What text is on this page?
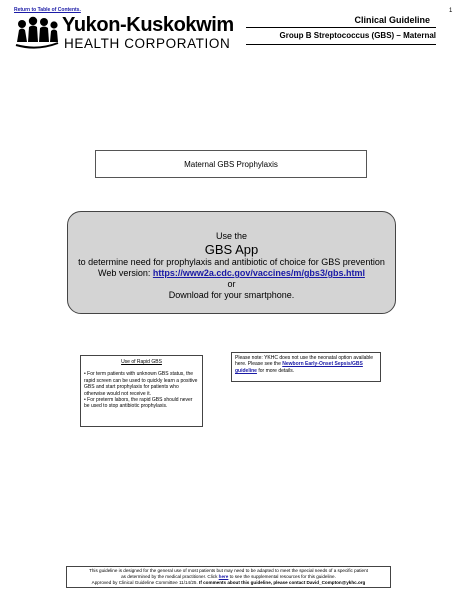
Return to Table of Contents.	1
Yukon-Kuskokwim
HEALTH CORPORATION
Clinical Guideline
Group B Streptococcus (GBS) – Maternal
Maternal GBS Prophylaxis
Use the
GBS App
to determine need for prophylaxis and antibiotic of choice for GBS prevention
Web version: https://www2a.cdc.gov/vaccines/m/gbs3/gbs.html
or
Download for your smartphone.
Use of Rapid GBS
• For term patients with unknown GBS status, the rapid screen can be used to quickly learn a positive GBS and start prophylaxis for patients who otherwise would not receive it.
• For preterm labors, the rapid GBS should never be used to stop antibiotic prophylaxis.
Please note: YKHC does not use the neonatal option available here. Please see the Newborn Early-Onset Sepsis/GBS guideline for more details.
This guideline is designed for the general use of most patients but may need to be adapted to meet the special needs of a specific patient
as determined by the medical practitioner. Click here to see the supplemental resources for this guideline.
Approved by Clinical Guideline Committee 11/14/25. If comments about this guideline, please contact David_Compton@ykhc.org
